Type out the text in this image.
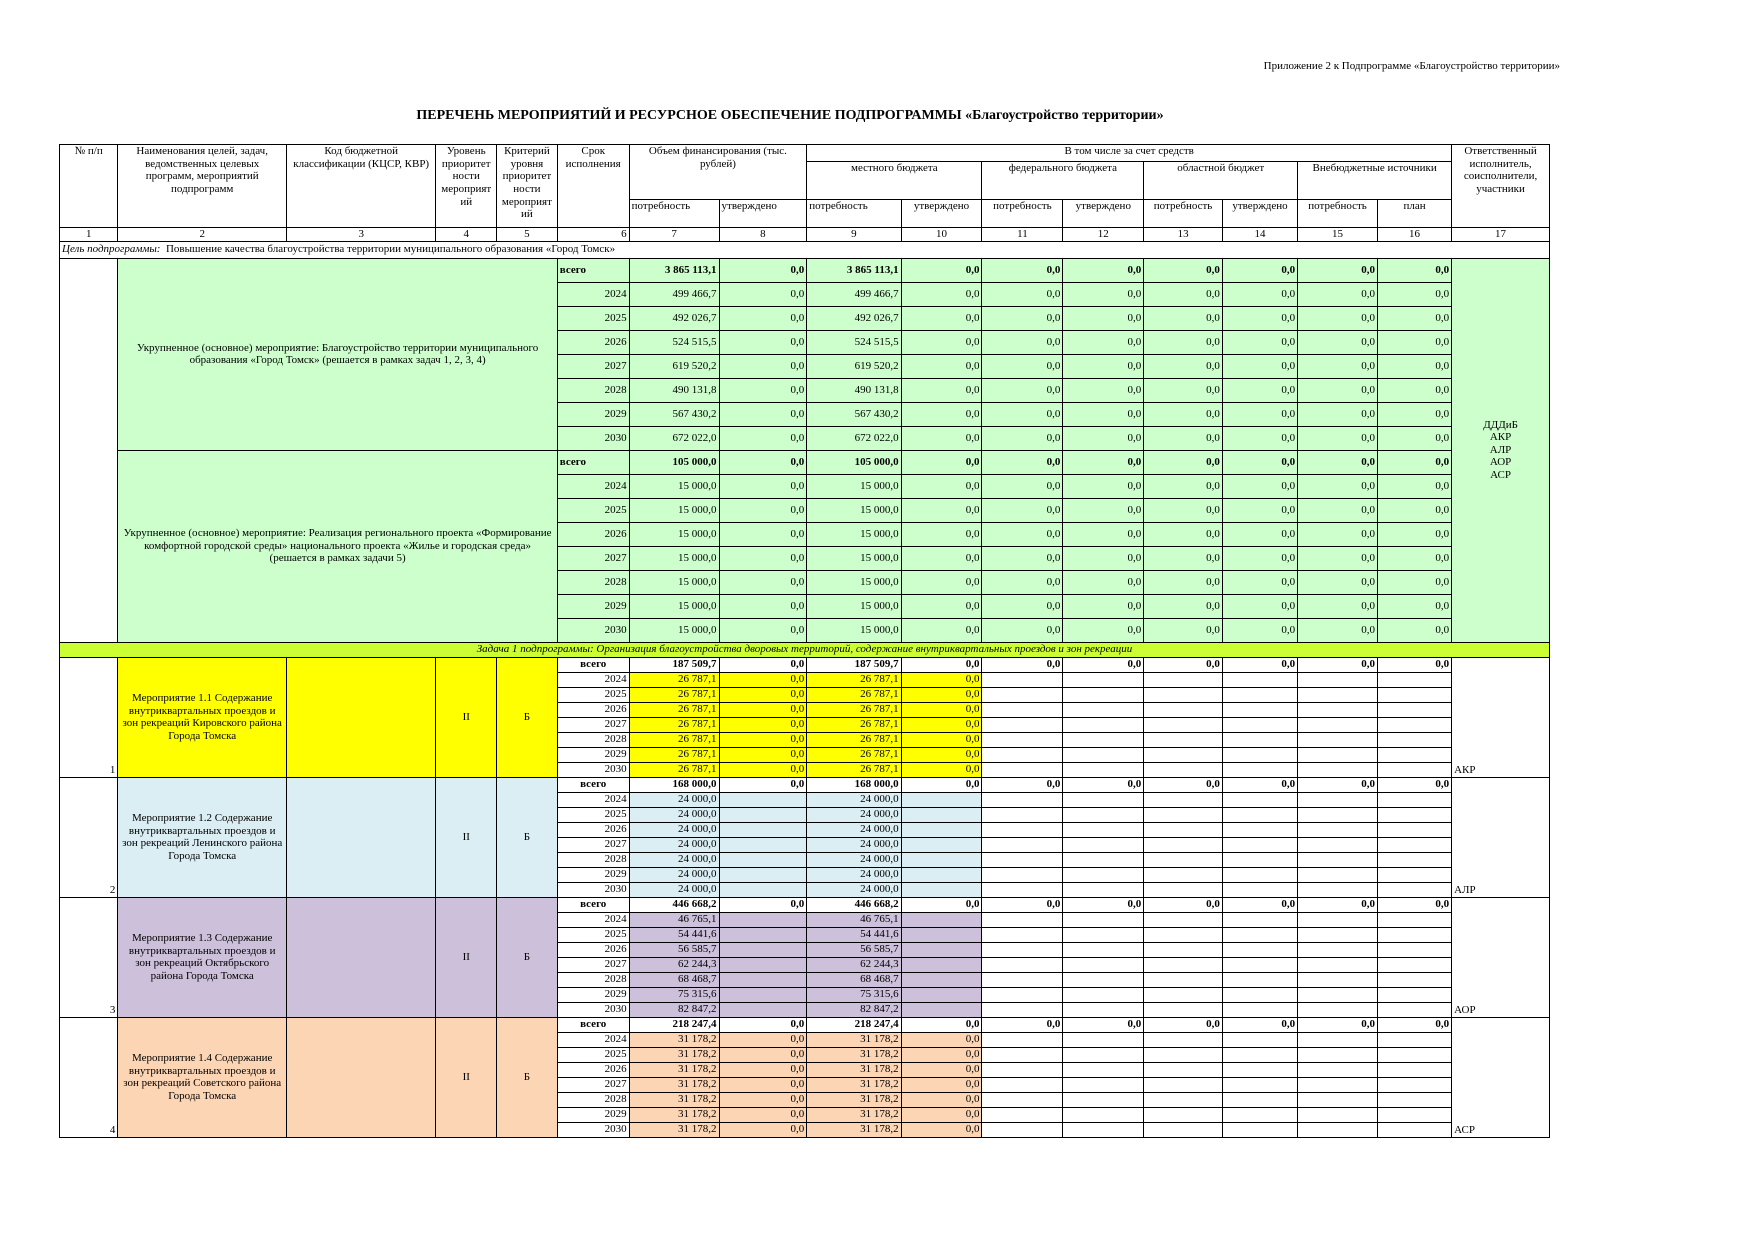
Приложение 2 к Подпрограмме «Благоустройство территории»
ПЕРЕЧЕНЬ МЕРОПРИЯТИЙ И РЕСУРСНОЕ ОБЕСПЕЧЕНИЕ ПОДПРОГРАММЫ «Благоустройство территории»
№ п/п	Наименования целей, задач, ведомственных целевых программ, мероприятий подпрограмм	Код бюджетной классификации (КЦСР, КВР)	Уровень приоритет ности мероприят ий	Критерий уровня приоритет ности мероприят ий	Срок исполнения	Объем финансирования (тыс. рублей)		В том числе за счет средств								Ответственный исполнитель, соисполнители, участники
								местного бюджета		федерального бюджета		областной бюджет		Внебюджетные источники		
						потребность	утверждено	потребность	утверждено	потребность	утверждено	потребность	утверждено	потребность	план	
1	2	3	4	5	6	7	8	9	10	11	12	13	14	15	16	17
Цель подпрограммы: Повышение качества благоустройства территории муниципального образования «Город Томск»																
	Укрупненное (основное) мероприятие: Благоустройство территории муниципального образования «Город Томск» (решается в рамках задач 1, 2, 3, 4)				всего	3 865 113,1	0,0	3 865 113,1	0,0	0,0	0,0	0,0	0,0	0,0	0,0	ДДДиБ
АКР
АЛР
АОР
АСР
					2024	499 466,7	0,0	499 466,7	0,0	0,0	0,0	0,0	0,0	0,0	0,0	
					2025	492 026,7	0,0	492 026,7	0,0	0,0	0,0	0,0	0,0	0,0	0,0	
					2026	524 515,5	0,0	524 515,5	0,0	0,0	0,0	0,0	0,0	0,0	0,0	
					2027	619 520,2	0,0	619 520,2	0,0	0,0	0,0	0,0	0,0	0,0	0,0	
					2028	490 131,8	0,0	490 131,8	0,0	0,0	0,0	0,0	0,0	0,0	0,0	
					2029	567 430,2	0,0	567 430,2	0,0	0,0	0,0	0,0	0,0	0,0	0,0	
					2030	672 022,0	0,0	672 022,0	0,0	0,0	0,0	0,0	0,0	0,0	0,0	
	Укрупненное (основное) мероприятие: Реализация регионального проекта «Формирование комфортной городской среды» национального проекта «Жилье и городская среда» (решается в рамках задачи 5)				всего	105 000,0	0,0	105 000,0	0,0	0,0	0,0	0,0	0,0	0,0	0,0	
					2024	15 000,0	0,0	15 000,0	0,0	0,0	0,0	0,0	0,0	0,0	0,0	
					2025	15 000,0	0,0	15 000,0	0,0	0,0	0,0	0,0	0,0	0,0	0,0	
					2026	15 000,0	0,0	15 000,0	0,0	0,0	0,0	0,0	0,0	0,0	0,0	
					2027	15 000,0	0,0	15 000,0	0,0	0,0	0,0	0,0	0,0	0,0	0,0	
					2028	15 000,0	0,0	15 000,0	0,0	0,0	0,0	0,0	0,0	0,0	0,0	
					2029	15 000,0	0,0	15 000,0	0,0	0,0	0,0	0,0	0,0	0,0	0,0	
					2030	15 000,0	0,0	15 000,0	0,0	0,0	0,0	0,0	0,0	0,0	0,0	
Задача 1 подпрограммы: Организация благоустройства дворовых территорий, содержание внутриквартальных проездов и зон рекреации																
1	Мероприятие 1.1 Содержание внутриквартальных проездов и зон рекреаций Кировского района Города Томска		II	Б	всего	187 509,7	0,0	187 509,7	0,0	0,0	0,0	0,0	0,0	0,0	0,0	АКР
					2024	26 787,1	0,0	26 787,1	0,0							
					2025	26 787,1	0,0	26 787,1	0,0							
					2026	26 787,1	0,0	26 787,1	0,0							
					2027	26 787,1	0,0	26 787,1	0,0							
					2028	26 787,1	0,0	26 787,1	0,0							
					2029	26 787,1	0,0	26 787,1	0,0							
					2030	26 787,1	0,0	26 787,1	0,0							
2	Мероприятие 1.2 Содержание внутриквартальных проездов и зон рекреаций Ленинского района Города Томска		II	Б	всего	168 000,0	0,0	168 000,0	0,0	0,0	0,0	0,0	0,0	0,0	0,0	АЛР
					2024	24 000,0		24 000,0								
					2025	24 000,0		24 000,0								
					2026	24 000,0		24 000,0								
					2027	24 000,0		24 000,0								
					2028	24 000,0		24 000,0								
					2029	24 000,0		24 000,0								
					2030	24 000,0		24 000,0								
3	Мероприятие 1.3 Содержание внутриквартальных проездов и зон рекреаций Октябрьского района Города Томска		II	Б	всего	446 668,2	0,0	446 668,2	0,0	0,0	0,0	0,0	0,0	0,0	0,0	АОР
					2024	46 765,1		46 765,1								
					2025	54 441,6		54 441,6								
					2026	56 585,7		56 585,7								
					2027	62 244,3		62 244,3								
					2028	68 468,7		68 468,7								
					2029	75 315,6		75 315,6								
					2030	82 847,2		82 847,2								
4	Мероприятие 1.4 Содержание внутриквартальных проездов и зон рекреаций Советского района Города Томска		II	Б	всего	218 247,4	0,0	218 247,4	0,0	0,0	0,0	0,0	0,0	0,0	0,0	АСР
					2024	31 178,2	0,0	31 178,2	0,0							
					2025	31 178,2	0,0	31 178,2	0,0							
					2026	31 178,2	0,0	31 178,2	0,0							
					2027	31 178,2	0,0	31 178,2	0,0							
					2028	31 178,2	0,0	31 178,2	0,0							
					2029	31 178,2	0,0	31 178,2	0,0							
					2030	31 178,2	0,0	31 178,2	0,0							
